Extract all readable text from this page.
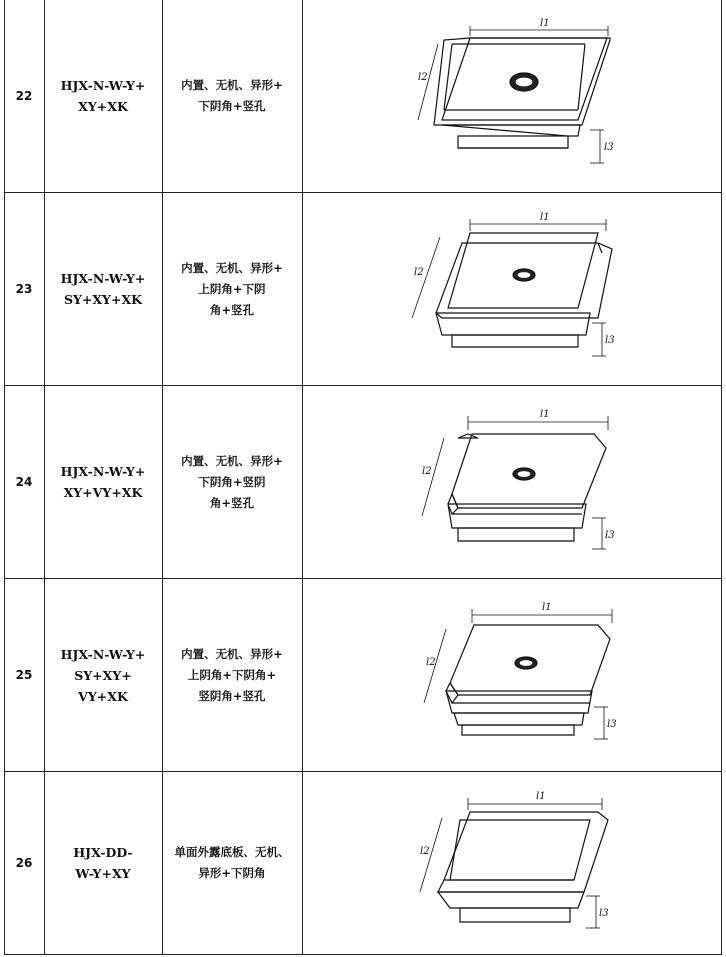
22
HJX-N-W-Y+
XY+XK
内置、无机、异形+
下阴角+竖孔
l1
l2
l3
23
HJX-N-W-Y+
SY+XY+XK
内置、无机、异形+
上阴角+下阴
角+竖孔
l1
l2
l3
24
HJX-N-W-Y+
XY+VY+XK
内置、无机、异形+
下阴角+竖阴
角+竖孔
l1
l2
l3
25
HJX-N-W-Y+
SY+XY+
VY+XK
内置、无机、异形+
上阴角+下阴角+
竖阴角+竖孔
l1
l2
l3
26
HJX-DD-
W-Y+XY
单面外露底板、无机、
异形+下阴角
l1
l2
l3
